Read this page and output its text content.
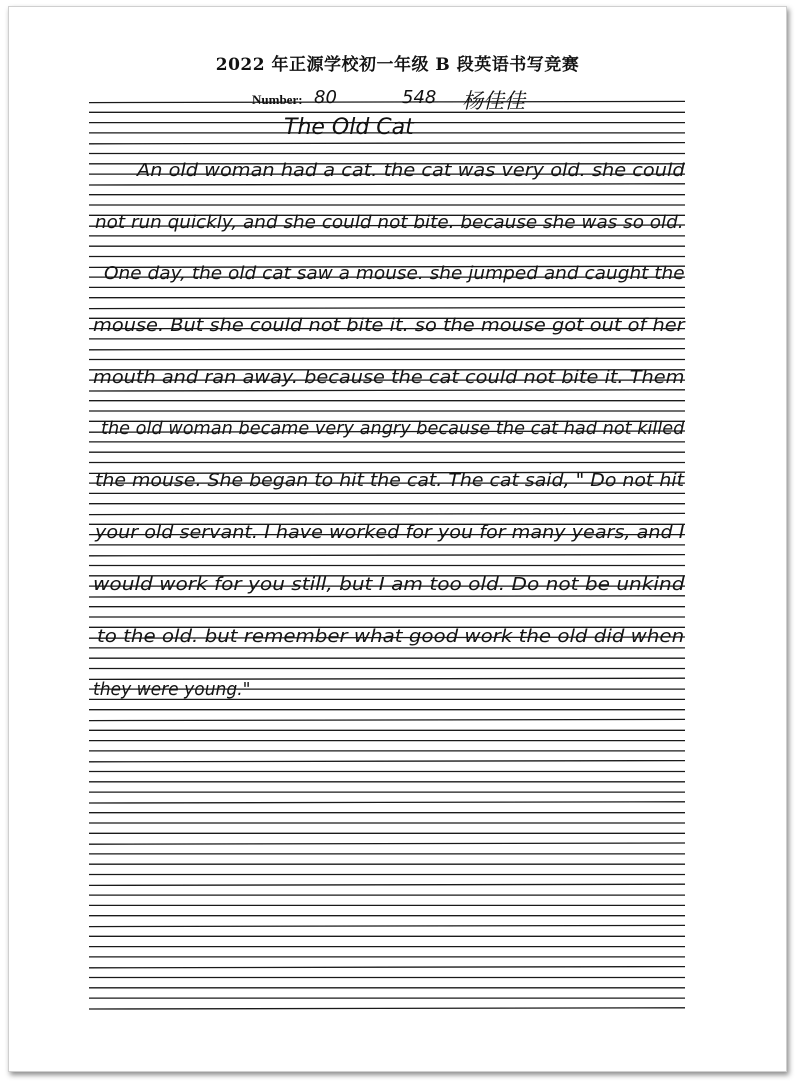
2022 年正源学校初一年级 B 段英语书写竞赛
Number: 80	548 杨佳佳
The Old Cat
An old woman had a cat. the cat was very old. she could
not run quickly, and she could not bite. because she was so old.
One day, the old cat saw a mouse. she jumped and caught the
mouse. But she could not bite it. so the mouse got out of her
mouth and ran away. because the cat could not bite it. Them
the old woman became very angry because the cat had not killed
the mouse. She began to hit the cat. The cat said, " Do not hit
your old servant. I have worked for you for many years, and I
would work for you still, but I am too old. Do not be unkind
to the old. but remember what good work the old did when
they were young."
